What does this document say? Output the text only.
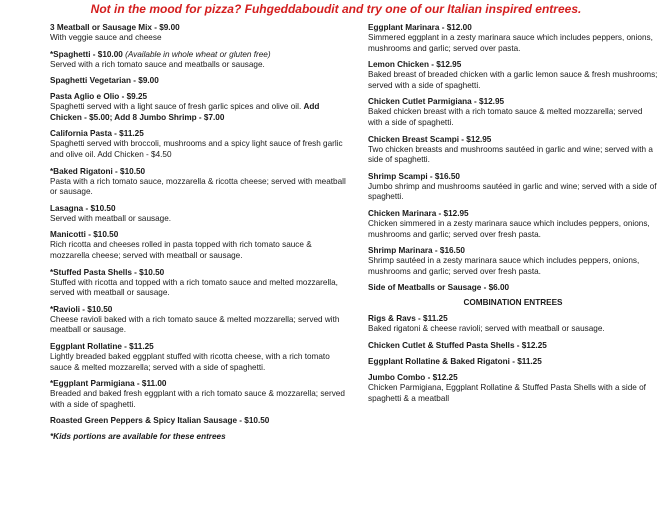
Not in the mood for pizza? Fuhgeddaboudit and try one of our Italian inspired entrees.
3 Meatball or Sausage Mix - $9.00
With veggie sauce and cheese
*Spaghetti - $10.00 (Available in whole wheat or gluten free)
Served with a rich tomato sauce and meatballs or sausage.
Spaghetti Vegetarian - $9.00
Pasta Aglio e Olio - $9.25
Spaghetti served with a light sauce of fresh garlic spices and olive oil. Add Chicken - $5.00; Add 8 Jumbo Shrimp - $7.00
California Pasta - $11.25
Spaghetti served with broccoli, mushrooms and a spicy light sauce of fresh garlic and olive oil. Add Chicken - $4.50
*Baked Rigatoni - $10.50
Pasta with a rich tomato sauce, mozzarella & ricotta cheese; served with meatball or sausage.
Lasagna - $10.50
Served with meatball or sausage.
Manicotti - $10.50
Rich ricotta and cheeses rolled in pasta topped with rich tomato sauce & mozzarella cheese; served with meatball or sausage.
*Stuffed Pasta Shells - $10.50
Stuffed with ricotta and topped with a rich tomato sauce and melted mozzarella, served with meatball or sausage.
*Ravioli - $10.50
Cheese ravioli baked with a rich tomato sauce & melted mozzarella; served with meatball or sausage.
Eggplant Rollatine - $11.25
Lightly breaded baked eggplant stuffed with ricotta cheese, with a rich tomato sauce & melted mozzarella; served with a side of spaghetti.
*Eggplant Parmigiana - $11.00
Breaded and baked fresh eggplant with a rich tomato sauce & mozzarella; served with a side of spaghetti.
Roasted Green Peppers & Spicy Italian Sausage - $10.50
*Kids portions are available for these entrees
Eggplant Marinara - $12.00
Simmered eggplant in a zesty marinara sauce which includes peppers, onions, mushrooms and garlic; served over pasta.
Lemon Chicken - $12.95
Baked breast of breaded chicken with a garlic lemon sauce & fresh mushrooms; served with a side of spaghetti.
Chicken Cutlet Parmigiana - $12.95
Baked chicken breast with a rich tomato sauce & melted mozzarella; served with a side of spaghetti.
Chicken Breast Scampi - $12.95
Two chicken breasts and mushrooms sautéed in garlic and wine; served with a side of spaghetti.
Shrimp Scampi - $16.50
Jumbo shrimp and mushrooms sautéed in garlic and wine; served with a side of spaghetti.
Chicken Marinara - $12.95
Chicken simmered in a zesty marinara sauce which includes peppers, onions, mushrooms and garlic; served over fresh pasta.
Shrimp Marinara - $16.50
Shrimp sautéed in a zesty marinara sauce which includes peppers, onions, mushrooms and garlic; served over fresh pasta.
Side of Meatballs or Sausage - $6.00
COMBINATION ENTREES
Rigs & Ravs - $11.25
Baked rigatoni & cheese ravioli; served with meatball or sausage.
Chicken Cutlet & Stuffed Pasta Shells - $12.25
Eggplant Rollatine & Baked Rigatoni - $11.25
Jumbo Combo - $12.25
Chicken Parmigiana, Eggplant Rollatine & Stuffed Pasta Shells with a side of spaghetti & a meatball
